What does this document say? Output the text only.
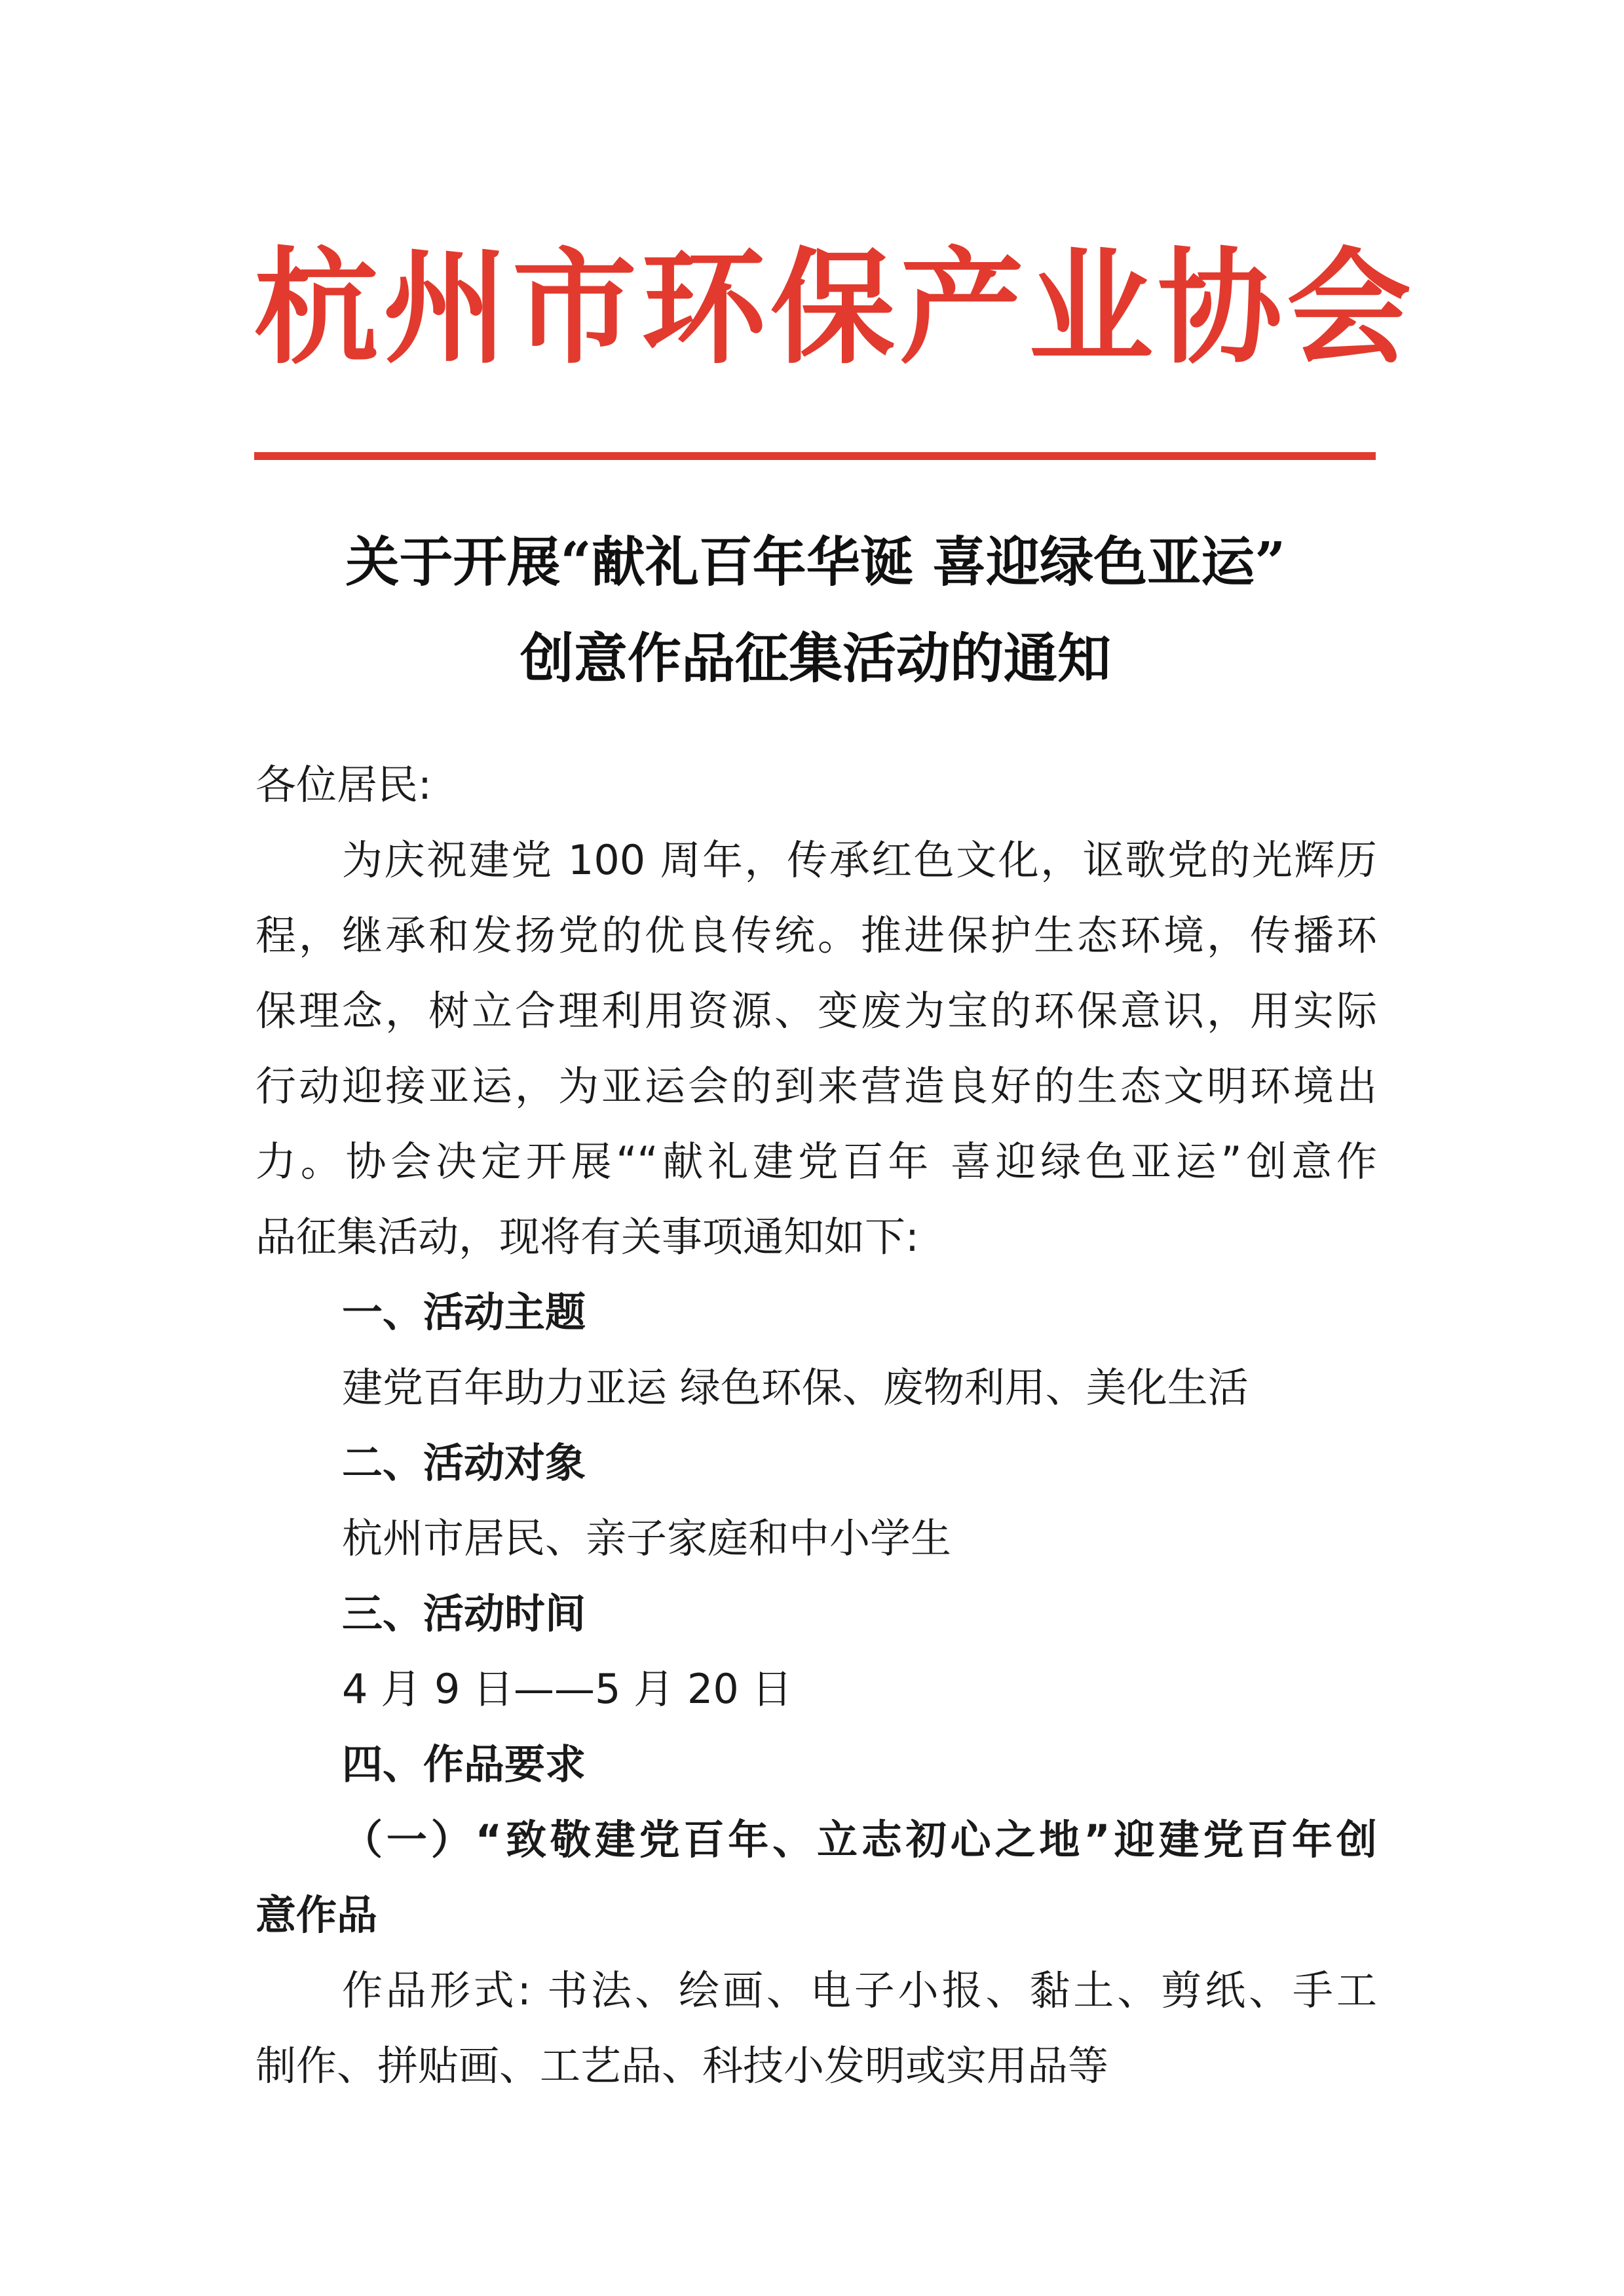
杭州市环保产业协会
关于开展“献礼百年华诞 喜迎绿色亚运”
创意作品征集活动的通知
各位居民:
为庆祝建党 100 周年，传承红色文化，讴歌党的光辉历
程，继承和发扬党的优良传统。推进保护生态环境，传播环
保理念，树立合理利用资源、变废为宝的环保意识，用实际
行动迎接亚运，为亚运会的到来营造良好的生态文明环境出
力。协会决定开展““献礼建党百年 喜迎绿色亚运”创意作
品征集活动，现将有关事项通知如下:
一、活动主题
建党百年助力亚运 绿色环保、废物利用、美化生活
二、活动对象
杭州市居民、亲子家庭和中小学生
三、活动时间
4 月 9 日——5 月 20 日
四、作品要求
（一）“致敬建党百年、立志初心之地”迎建党百年创
意作品
作品形式: 书法、绘画、电子小报、黏土、剪纸、手工
制作、拼贴画、工艺品、科技小发明或实用品等
